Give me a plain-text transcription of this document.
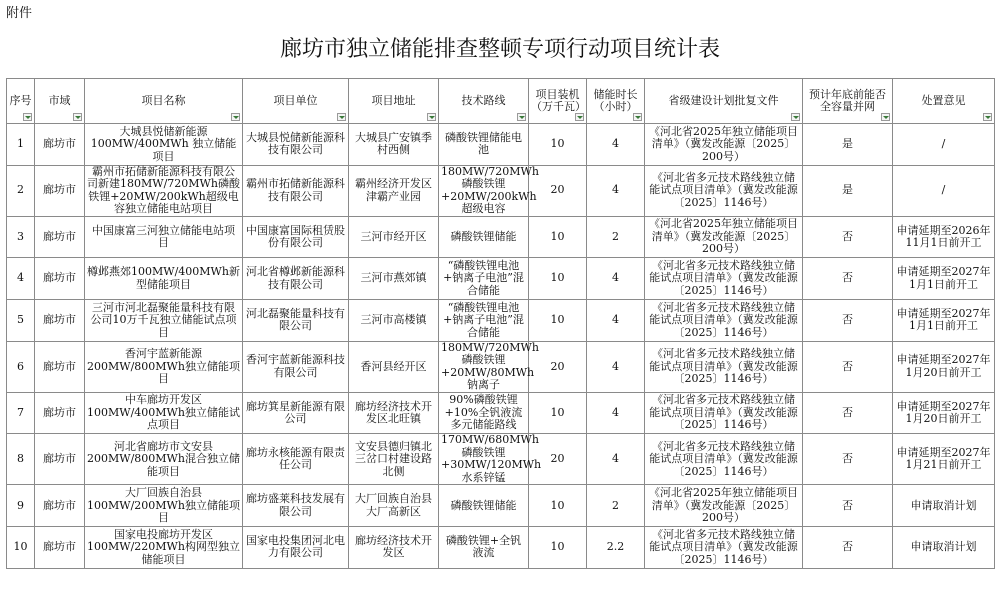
附件
廊坊市独立储能排查整顿专项行动项目统计表
序号	市域	项目名称	项目单位	项目地址	技术路线	项目装机（万千瓦）	储能时长（小时）	省级建设计划批复文件	预计年底前能否全容量并网	处置意见

1	廊坊市	大城县悦储新能源100MW/400MWh 独立储能项目	大城县悦储新能源科技有限公司	大城县广安镇季村西侧	磷酸铁锂储能电池	10	4	《河北省2025年独立储能项目清单》（冀发改能源〔2025〕200号）	是	/
2	廊坊市	霸州市拓储新能源科技有限公司新建180MW/720MWh磷酸铁锂+20MW/200kWh超级电容独立储能电站项目	霸州市拓储新能源科技有限公司	霸州经济开发区津霸产业园	180MW/720MWh磷酸铁锂+20MW/200kWh超级电容	20	4	《河北省多元技术路线独立储能试点项目清单》（冀发改能源〔2025〕1146号）	是	/
3	廊坊市	中国康富三河独立储能电站项目	中国康富国际租赁股份有限公司	三河市经开区	磷酸铁锂储能	10	2	《河北省2025年独立储能项目清单》（冀发改能源〔2025〕200号）	否	申请延期至2026年11月1日前开工
4	廊坊市	樽邺燕郊100MW/400MWh新型储能项目	河北省樽邺新能源科技有限公司	三河市燕郊镇	“磷酸铁锂电池+钠离子电池”混合储能	10	4	《河北省多元技术路线独立储能试点项目清单》（冀发改能源〔2025〕1146号）	否	申请延期至2027年1月1日前开工
5	廊坊市	三河市河北磊聚能量科技有限公司10万千瓦独立储能试点项目	河北磊聚能量科技有限公司	三河市高楼镇	“磷酸铁锂电池+钠离子电池”混合储能	10	4	《河北省多元技术路线独立储能试点项目清单》（冀发改能源〔2025〕1146号）	否	申请延期至2027年1月1日前开工
6	廊坊市	香河宇蓝新能源200MW/800MWh独立储能项目	香河宇蓝新能源科技有限公司	香河县经开区	180MW/720MWh磷酸铁锂+20MW/80MWh钠离子	20	4	《河北省多元技术路线独立储能试点项目清单》（冀发改能源〔2025〕1146号）	否	申请延期至2027年1月20日前开工
7	廊坊市	中车廊坊开发区100MW/400MWh独立储能试点项目	廊坊箕星新能源有限公司	廊坊经济技术开发区北旺镇	90%磷酸铁锂+10%全钒液流多元储能路线	10	4	《河北省多元技术路线独立储能试点项目清单》（冀发改能源〔2025〕1146号）	否	申请延期至2027年1月20日前开工
8	廊坊市	河北省廊坊市文安县200MW/800MWh混合独立储能项目	廊坊永核能源有限责任公司	文安县德归镇北三岔口村建设路北侧	170MW/680MWh磷酸铁锂+30MW/120MWh水系锌锰	20	4	《河北省多元技术路线独立储能试点项目清单》（冀发改能源〔2025〕1146号）	否	申请延期至2027年1月21日前开工
9	廊坊市	大厂回族自治县100MW/200MWh独立储能项目	廊坊盛莱科技发展有限公司	大厂回族自治县大厂高新区	磷酸铁锂储能	10	2	《河北省2025年独立储能项目清单》（冀发改能源〔2025〕200号）	否	申请取消计划
10	廊坊市	国家电投廊坊开发区100MW/220MWh构网型独立储能项目	国家电投集团河北电力有限公司	廊坊经济技术开发区	磷酸铁锂+全钒液流	10	2.2	《河北省多元技术路线独立储能试点项目清单》（冀发改能源〔2025〕1146号）	否	申请取消计划
